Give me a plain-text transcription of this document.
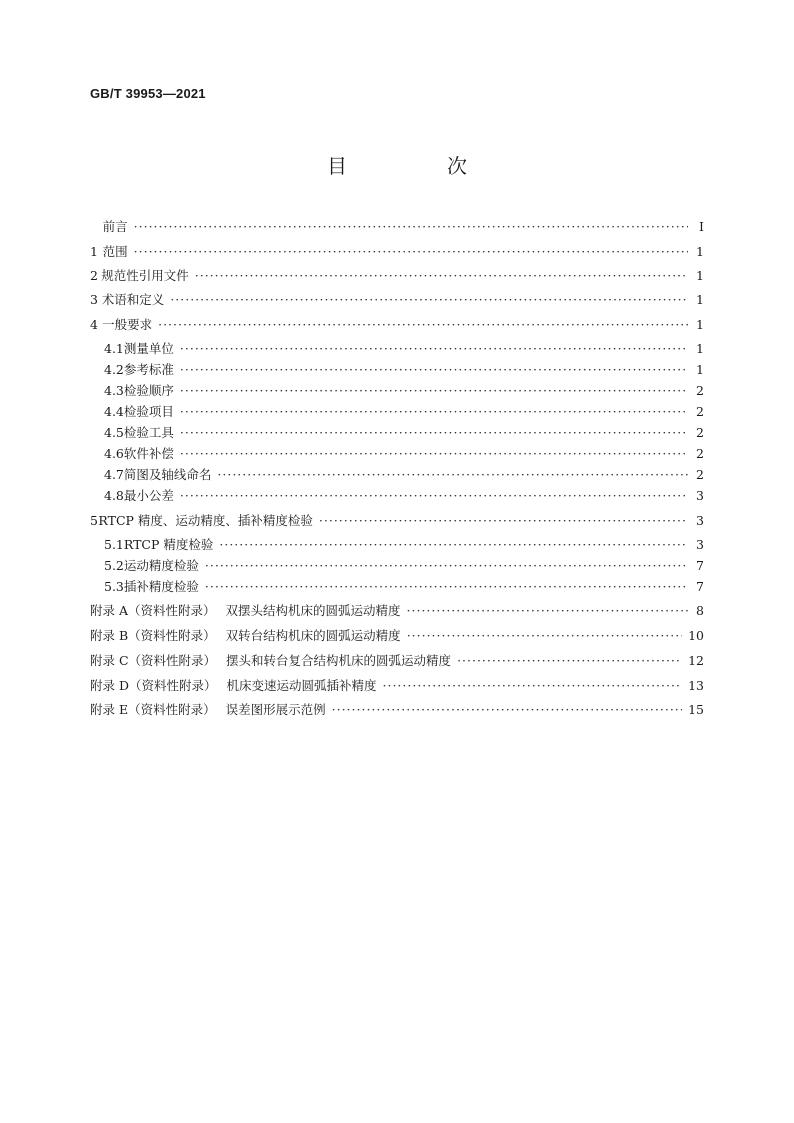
GB/T 39953—2021
目　次
前言 ·····	Ⅰ
1 范围 ·····	1
2 规范性引用文件 ·····	1
3 术语和定义 ·····	1
4 一般要求 ·····	1
4.1 测量单位 ·····	1
4.2 参考标准 ·····	1
4.3 检验顺序 ·····	2
4.4 检验项目 ·····	2
4.5 检验工具 ·····	2
4.6 软件补偿 ·····	2
4.7 简图及轴线命名 ·····	2
4.8 最小公差 ·····	3
5 RTCP 精度、运动精度、插补精度检验 ·····	3
5.1 RTCP 精度检验 ·····	3
5.2 运动精度检验 ·····	7
5.3 插补精度检验 ·····	7
附录 A（资料性附录） 双摆头结构机床的圆弧运动精度 ·····	8
附录 B（资料性附录） 双转台结构机床的圆弧运动精度 ·····	10
附录 C（资料性附录） 摆头和转台复合结构机床的圆弧运动精度 ·····	12
附录 D（资料性附录） 机床变速运动圆弧插补精度 ·····	13
附录 E（资料性附录） 误差图形展示范例 ·····	15
